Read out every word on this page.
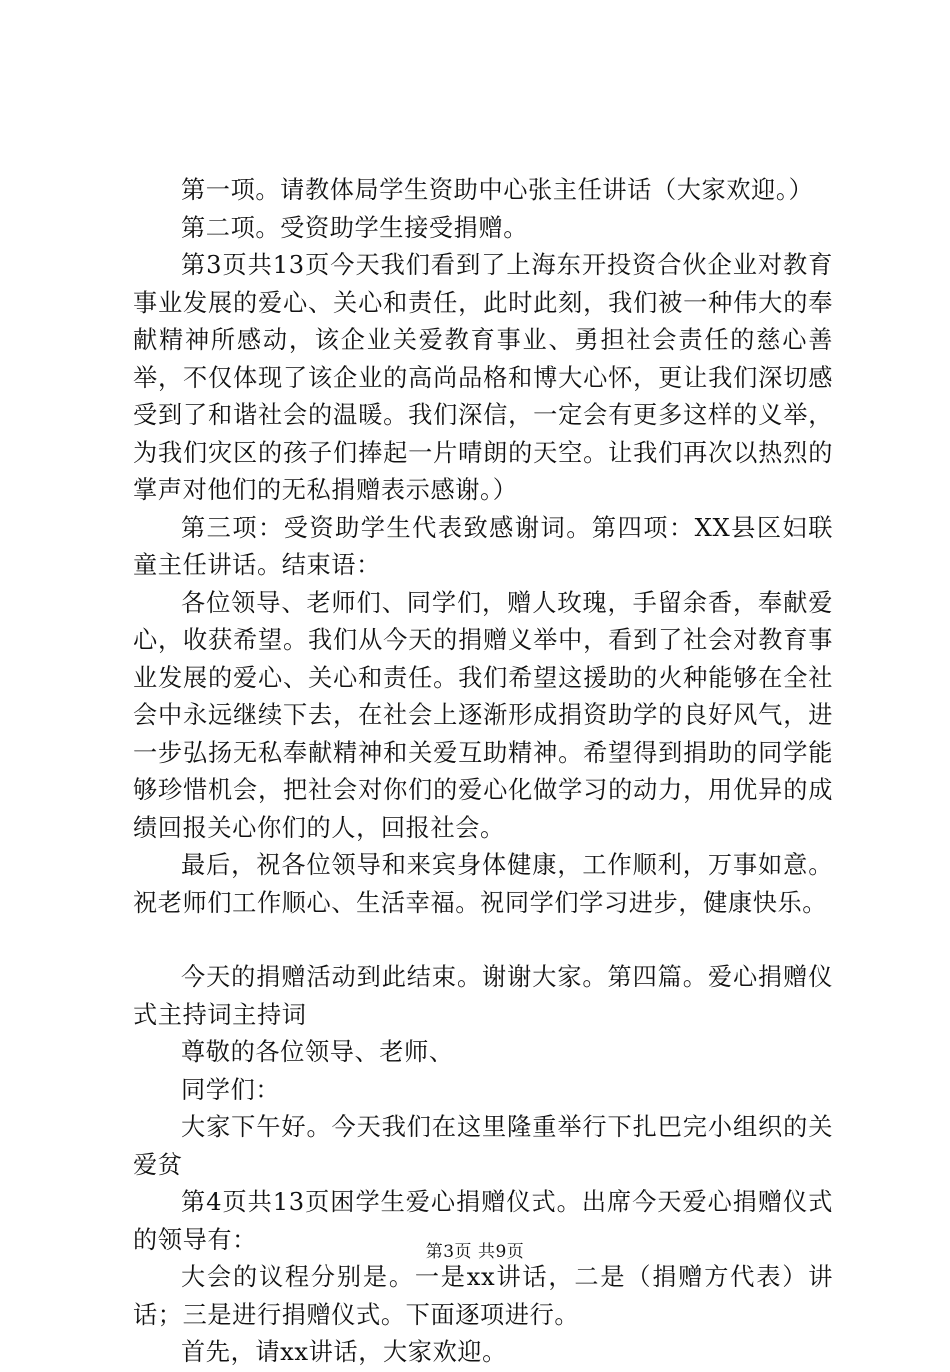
第一项。请教体局学生资助中心张主任讲话（大家欢迎。）

第二项。受资助学生接受捐赠。

第3页共13页今天我们看到了上海东开投资合伙企业对教育事业发展的爱心、关心和责任，此时此刻，我们被一种伟大的奉献精神所感动，该企业关爱教育事业、勇担社会责任的慈心善举，不仅体现了该企业的高尚品格和博大心怀，更让我们深切感受到了和谐社会的温暖。我们深信，一定会有更多这样的义举，为我们灾区的孩子们捧起一片晴朗的天空。让我们再次以热烈的掌声对他们的无私捐赠表示感谢。）

第三项：受资助学生代表致感谢词。第四项：XX县区妇联童主任讲话。结束语：

各位领导、老师们、同学们，赠人玫瑰，手留余香，奉献爱心，收获希望。我们从今天的捐赠义举中，看到了社会对教育事业发展的爱心、关心和责任。我们希望这援助的火种能够在全社会中永远继续下去，在社会上逐渐形成捐资助学的良好风气，进一步弘扬无私奉献精神和关爱互助精神。希望得到捐助的同学能够珍惜机会，把社会对你们的爱心化做学习的动力，用优异的成绩回报关心你们的人，回报社会。

最后，祝各位领导和来宾身体健康，工作顺利，万事如意。祝老师们工作顺心、生活幸福。祝同学们学习进步，健康快乐。

今天的捐赠活动到此结束。谢谢大家。第四篇。爱心捐赠仪式主持词主持词

尊敬的各位领导、老师、

同学们：

大家下午好。今天我们在这里隆重举行下扎巴完小组织的关爱贫

第4页共13页困学生爱心捐赠仪式。出席今天爱心捐赠仪式的领导有：

大会的议程分别是。一是xx讲话，二是（捐赠方代表）讲话；三是进行捐赠仪式。下面逐项进行。

首先，请xx讲话，大家欢迎。

第3页 共9页
